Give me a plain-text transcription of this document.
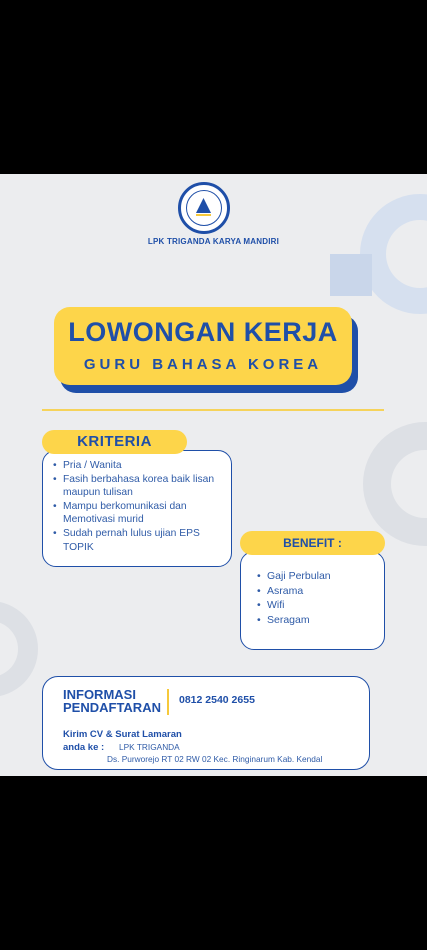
LPK TRIGANDA KARYA MANDIRI
LOWONGAN KERJA
GURU BAHASA KOREA
KRITERIA
• Pria / Wanita
• Fasih berbahasa korea baik lisan maupun tulisan
• Mampu berkomunikasi dan Memotivasi murid
• Sudah pernah lulus ujian EPS TOPIK	BENEFIT :
• Gaji Perbulan
• Asrama
• Wifi
• Seragam
INFORMASI
PENDAFTARAN 0812 2540 2655
Kirim CV & Surat Lamaran
anda ke :	LPK TRIGANDA
Ds. Purworejo RT 02 RW 02 Kec. Ringinarum Kab. Kendal
